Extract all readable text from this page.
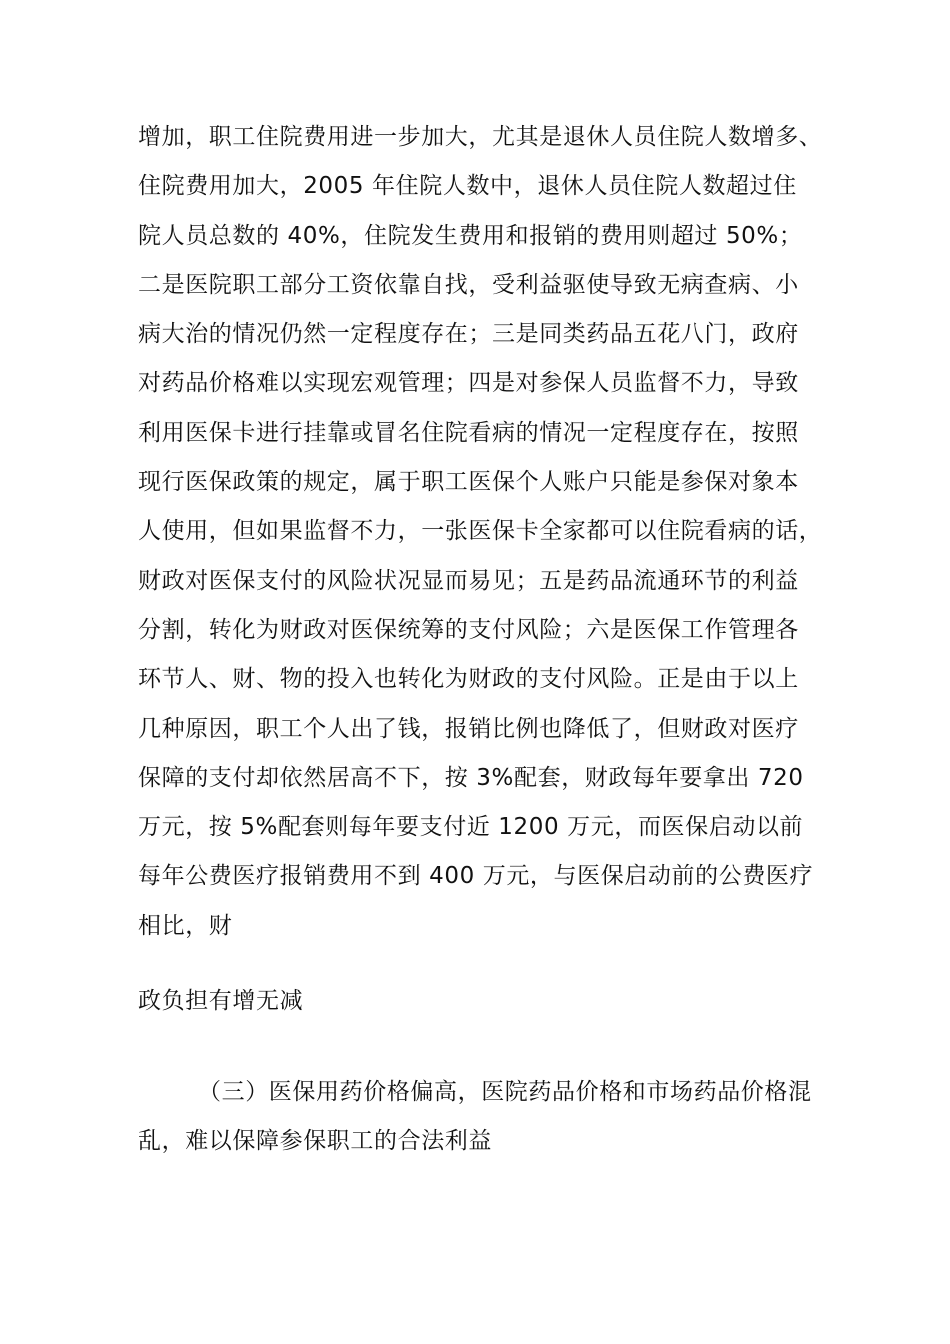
增加，职工住院费用进一步加大，尤其是退休人员住院人数增多、
住院费用加大，2005 年住院人数中，退休人员住院人数超过住
院人员总数的 40%，住院发生费用和报销的费用则超过 50%；
二是医院职工部分工资依靠自找，受利益驱使导致无病查病、小
病大治的情况仍然一定程度存在；三是同类药品五花八门，政府
对药品价格难以实现宏观管理；四是对参保人员监督不力，导致
利用医保卡进行挂靠或冒名住院看病的情况一定程度存在，按照
现行医保政策的规定，属于职工医保个人账户只能是参保对象本
人使用，但如果监督不力，一张医保卡全家都可以住院看病的话，
财政对医保支付的风险状况显而易见；五是药品流通环节的利益
分割，转化为财政对医保统筹的支付风险；六是医保工作管理各
环节人、财、物的投入也转化为财政的支付风险。正是由于以上
几种原因，职工个人出了钱，报销比例也降低了，但财政对医疗
保障的支付却依然居高不下，按 3%配套，财政每年要拿出 720
万元，按 5%配套则每年要支付近 1200 万元，而医保启动以前
每年公费医疗报销费用不到 400 万元，与医保启动前的公费医疗
相比，财
政负担有增无减
（三）医保用药价格偏高，医院药品价格和市场药品价格混
乱，难以保障参保职工的合法利益
